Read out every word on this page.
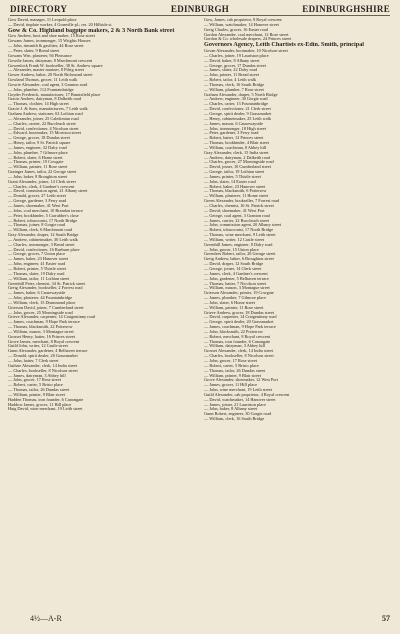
DIRECTORY	EDINBURGH	EDINBURGHSHIRE
Gow David, manager, 11 Leopold place
— David, tinplate worker, 4 Granville pl.; res. 20 Hillside st.
Gow & Co. Highland bagpipe makers, 2 & 3 North Bank street
Gow Andrew, boot and shoe maker, 15 Rose street
Gowans James, ironmonger, 15 Wrights Houses
— John, tinsmith & gasfitter, 44 Rose street
— Peter, slater, 9 Bread street
Gowans Wm. plasterer, 94 Pleasance
Gowdie James, dairyman, 8 Marchmont crescent
Gowenlock Frank W. bookseller, 38 St. Andrew square
— Alexander, master mariner, 8 Pilrig street
Gower Andrew, baker, 20 North Richmond street
Gowland Thomas, grocer, 11 Leith walk
Gowrie Alexander, coal agent, 3 Granton road
— John, plumber, 112 Fountainbridge
Goyder Frederick, manufacturer, 17 Bruntsfield place
Gracie Andrew, dairyman, 8 Dalkeith road
— Thomas, clothier, 14 High street
Gracie J. & Sons, manufacturers, 7 Leith walk
Graham Andrew, stationer, 63 Lothian road
— Alexander, joiner, 25 Caledonian road
— Charles, carrier, 22 Buccleuch street
— David, confectioner, 4 Nicolson street
— Edward, bootmaker, 15 Morrison street
— George, grocer, 18 Dundas street
— Henry, tailor, 9 St. Patrick square
— James, engineer, 32 Dalry road
— John, plumber, 7 Gilmore place
— Robert, slater, 6 Home street
— Thomas, printer, 19 Cowgate
— William, painter, 11 Rose street
Grainger James, tailor, 22 George street
— John, baker, 8 Broughton street
Grant Alexander, joiner, 14 Clerk street
— Charles, clerk, 4 Gardner's crescent
— David, commission agent, 21 Albany street
— Donald, grocer, 27 Leith street
— George, gardener, 3 Ferry road
— James, shoemaker, 41 West Port
— John, coal merchant, 10 Brandon terrace
— Peter, bookbinder, 5 Carrubber's close
— Robert, tobacconist, 17 North Bridge
— Thomas, joiner, 8 Gorgie road
— William, clerk, 6 Marchmont road
Gray Alexander, draper, 12 South Bridge
— Andrew, cabinetmaker, 30 Leith walk
— Charles, ironmonger, 3 Bread street
— David, confectioner, 16 Raeburn place
— George, grocer, 7 Union place
— James, baker, 23 Hanover street
— John, engineer, 41 Easter road
— Robert, printer, 5 Thistle street
— Thomas, slater, 19 Dalry road
— William, tailor, 11 Lothian street
Greenhill Peter, chemist, 34 St. Patrick street
Greig Alexander, bookseller, 2 Forrest road
— James, baker, 6 Causewayside
— John, plasterer, 44 Fountainbridge
— William, clerk, 15 Drummond place
Grierson David, joiner, 7 Cumberland street
— John, grocer, 25 Morningside road
Grieve Alexander, carpenter, 14 Craigentinny road
— James, coachman, 9 Hope Park terrace
— Thomas, blacksmith, 22 Potterrow
— William, mason, 3 Montague street
Grosset Henry, hatter, 16 Princes street
Grove James, merchant, 8 Royal crescent
Guild John, writer, 12 Castle street
Gunn Alexander, gardener, 4 Belhaven terrace
— Donald, spirit dealer, 20 Grassmarket
— John, hatter, 7 Clerk street
Guthrie Alexander, clerk, 14 India street
— Charles, bookseller, 8 Nicolson street
— James, dairyman, 3 Abbey hill
— John, grocer, 17 Rose street
— Robert, carter, 5 Bristo place
— Thomas, tailor, 26 Dundas street
— William, printer, 9 Blair street
Hadden Thomas, iron founder, 6 Canongate
Haddow James, grocer, 11 Hill place
Haig David, wine merchant, 19 Leith street
Gow, James, cab proprietor, 8 Royal crescent
— William, watchmaker, 14 Hanover street
Greig Charles, grocer, 16 Easter road
Gordon Alexander, coal merchant, 12 Rose street
Gordon & Co. wholesale drapers, 24 Princes street
Governors Agency, Leith Chartists ex-Edin. Smith, principal
Govan Alexander, bootmaker, 10 Nicolson street
— Charles, joiner, 19 Lauriston place
— David, baker, 8 Albany street
— George, grocer, 17 Dundas street
— James, slater, 22 Dalry road
— John, printer, 11 Bread street
— Robert, tailor, 4 Leith walk
— Thomas, clerk, 16 South Bridge
— William, plumber, 7 Rose street
Graham Alexander, draper, 5 North Bridge
— Andrew, engineer, 30 Gorgie road
— Charles, carter, 13 Fountainbridge
— David, confectioner, 21 Clerk street
— George, spirit dealer, 9 Grassmarket
— Henry, cabinetmaker, 25 Leith walk
— James, mason, 6 Causewayside
— John, ironmonger, 18 High street
— Peter, gardener, 3 Ferry road
— Robert, hatter, 12 Princes street
— Thomas, bookbinder, 4 Blair street
— William, coachman, 8 Abbey hill
Gray Alexander, clerk, 15 India street
— Andrew, dairyman, 2 Dalkeith road
— Charles, grocer, 27 Morningside road
— David, joiner, 10 Cumberland street
— George, tailor, 19 Lothian street
— James, printer, 5 Thistle street
— John, slater, 14 Easter road
— Robert, baker, 23 Hanover street
— Thomas, blacksmith, 6 Potterrow
— William, plasterer, 11 Home street
Green Alexander, bookseller, 7 Forrest road
— Charles, chemist, 16 St. Patrick street
— David, shoemaker, 41 West Port
— George, coal agent, 3 Granton road
— James, carrier, 22 Buccleuch street
— John, commission agent, 20 Albany street
— Robert, tobacconist, 17 North Bridge
— Thomas, wine merchant, 9 Leith street
— William, writer, 12 Castle street
Greenhill James, engineer, 8 Dalry road
— John, grocer, 15 Union place
Greenlees Robert, tailor, 26 George street
Greig Andrew, baker, 6 Broughton street
— David, draper, 12 South Bridge
— George, joiner, 14 Clerk street
— James, clerk, 4 Gardner's crescent
— John, gardener, 5 Belhaven terrace
— Thomas, hatter, 7 Nicolson street
— William, mason, 3 Montague street
Grierson Alexander, printer, 19 Cowgate
— James, plumber, 7 Gilmore place
— John, slater, 6 Home street
— William, painter, 11 Rose street
Grieve Andrew, grocer, 18 Dundas street
— David, carpenter, 14 Craigentinny road
— George, spirit dealer, 20 Grassmarket
— James, coachman, 9 Hope Park terrace
— John, blacksmith, 22 Potterrow
— Robert, merchant, 8 Royal crescent
— Thomas, iron founder, 6 Canongate
— William, dairyman, 3 Abbey hill
Grosset Alexander, clerk, 14 India street
— Charles, bookseller, 8 Nicolson street
— John, grocer, 17 Rose street
— Robert, carter, 5 Bristo place
— Thomas, tailor, 26 Dundas street
— William, printer, 9 Blair street
Grove Alexander, shoemaker, 12 West Port
— James, grocer, 11 Hill place
— John, wine merchant, 19 Leith street
Guild Alexander, cab proprietor, 4 Royal crescent
— David, watchmaker, 14 Hanover street
— James, joiner, 21 Lauriston place
— John, baker, 8 Albany street
Gunn Robert, engineer, 30 Gorgie road
— William, clerk, 16 South Bridge
4½—A-R	57
